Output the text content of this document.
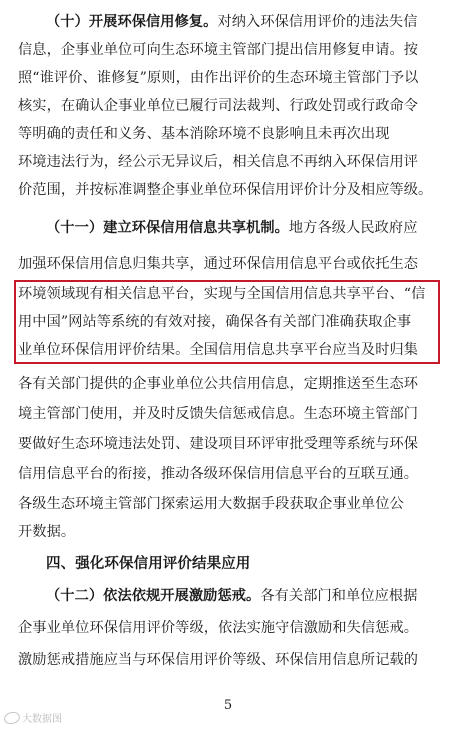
（十）开展环保信用修复。对纳入环保信用评价的违法失信
信息，企事业单位可向生态环境主管部门提出信用修复申请。按
照“谁评价、谁修复”原则，由作出评价的生态环境主管部门予以
核实，在确认企事业单位已履行司法裁判、行政处罚或行政命令
等明确的责任和义务、基本消除环境不良影响且未再次出现
环境违法行为，经公示无异议后，相关信息不再纳入环保信用评
价范围，并按标准调整企事业单位环保信用评价计分及相应等级。
（十一）建立环保信用信息共享机制。地方各级人民政府应
加强环保信用信息归集共享，通过环保信用信息平台或依托生态
环境领域现有相关信息平台，实现与全国信用信息共享平台、“信
用中国”网站等系统的有效对接，确保各有关部门准确获取企事
业单位环保信用评价结果。全国信用信息共享平台应当及时归集
各有关部门提供的企事业单位公共信用信息，定期推送至生态环
境主管部门使用，并及时反馈失信惩戒信息。生态环境主管部门
要做好生态环境违法处罚、建设项目环评审批受理等系统与环保
信用信息平台的衔接，推动各级环保信用信息平台的互联互通。
各级生态环境主管部门探索运用大数据手段获取企事业单位公
开数据。
四、强化环保信用评价结果应用
（十二）依法依规开展激励惩戒。各有关部门和单位应根据
企事业单位环保信用评价等级，依法实施守信激励和失信惩戒。
激励惩戒措施应当与环保信用评价等级、环保信用信息所记载的
5
大数据图
